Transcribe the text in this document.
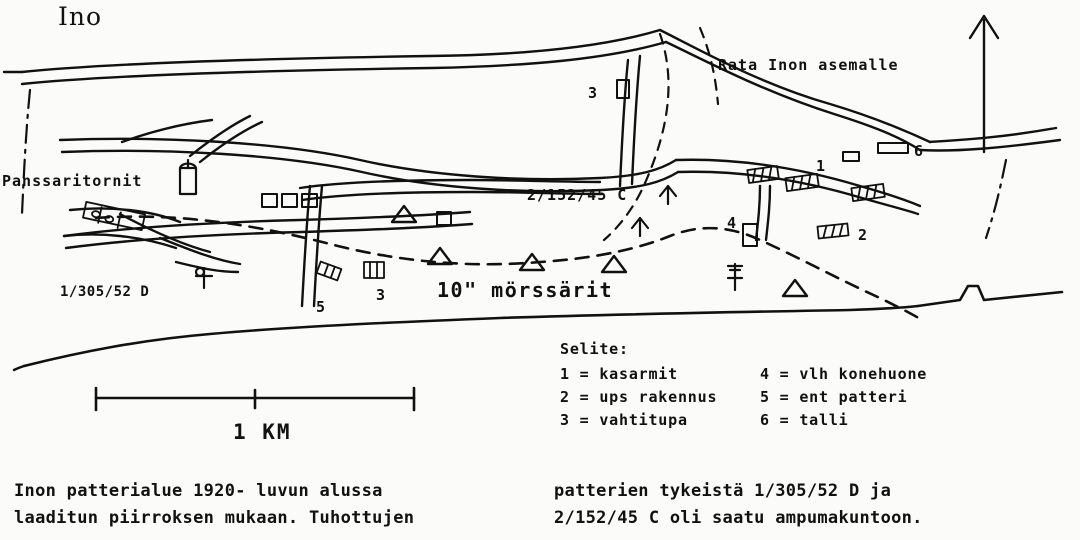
Ino
Rata Inon asemalle
Panssaritornit
2/152/45 C
1/305/52 D	10" mörssärit
3
6
1
2
4
5
3
Selite:
1 = kasarmit	4 = vlh konehuone
2 = ups rakennus	5 = ent patteri
3 = vahtitupa	6 = talli
1 KM
Inon patterialue 1920- luvun alussa	patterien tykeistä 1/305/52 D ja
laaditun piirroksen mukaan. Tuhottujen	2/152/45 C oli saatu ampumakuntoon.
